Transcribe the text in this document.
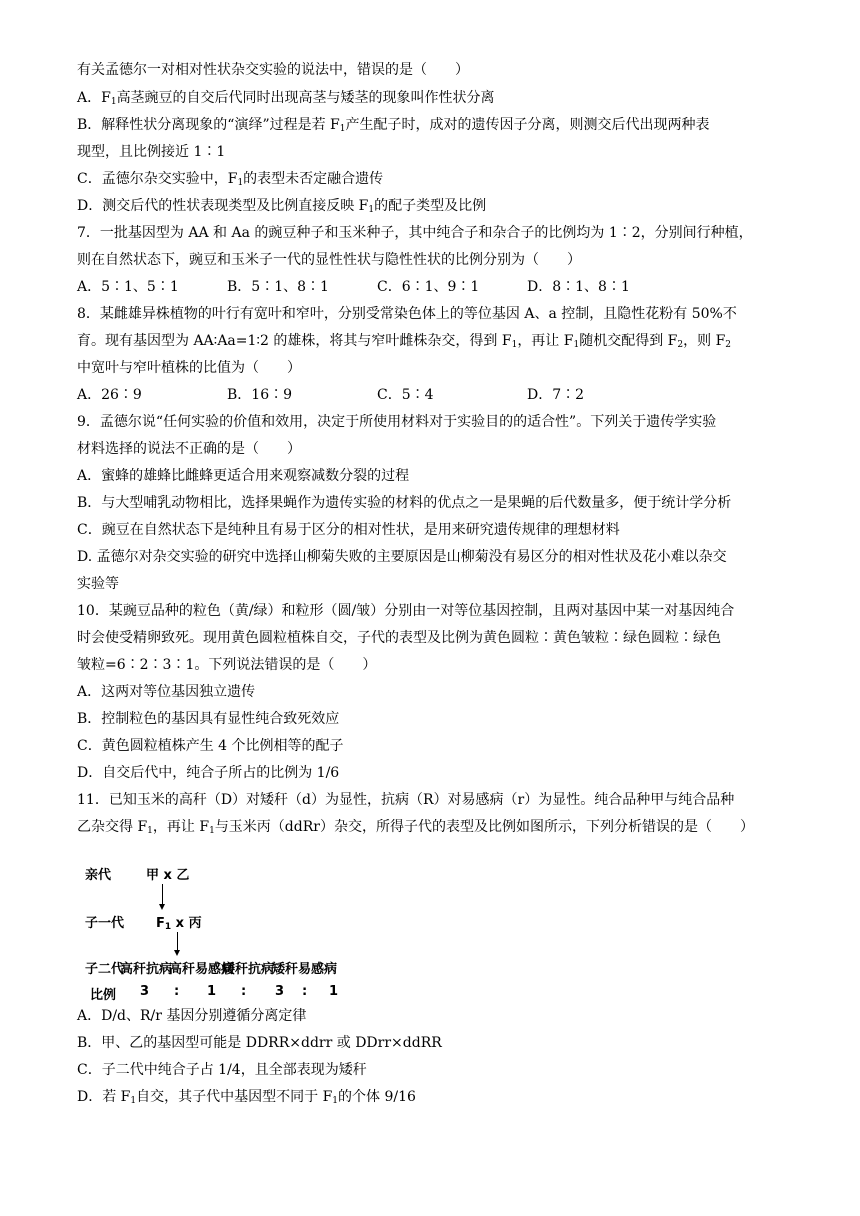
有关孟德尔一对相对性状杂交实验的说法中，错误的是（　　）
A．$F_1$高茎豌豆的自交后代同时出现高茎与矮茎的现象叫作性状分离
B．解释性状分离现象的“演绎”过程是若 $F_1$产生配子时，成对的遗传因子分离，则测交后代出现两种表
现型，且比例接近 1∶1
C．孟德尔杂交实验中，$F_1$的表型未否定融合遗传
D．测交后代的性状表现类型及比例直接反映 $F_1$的配子类型及比例
7．一批基因型为 AA 和 Aa 的豌豆种子和玉米种子，其中纯合子和杂合子的比例均为 1∶2，分别间行种植，
则在自然状态下，豌豆和玉米子一代的显性性状与隐性性状的比例分别为（　　）
A．5∶1、5∶1	B．5∶1、8∶1	C．6∶1、9∶1	D．8∶1、8∶1
8．某雌雄异株植物的叶行有宽叶和窄叶，分别受常染色体上的等位基因 A、a 控制，且隐性花粉有 50%不
育。现有基因型为 AA∶Aa=1∶2 的雄株，将其与窄叶雌株杂交，得到 $F_1$，再让 $F_1$随机交配得到 $F_2$，则 $F_2$
中宽叶与窄叶植株的比值为（　　）
A．26∶9	B．16∶9	C．5∶4	D．7∶2
9．孟德尔说“任何实验的价值和效用，决定于所使用材料对于实验目的的适合性”。下列关于遗传学实验
材料选择的说法不正确的是（　　）
A．蜜蜂的雄蜂比雌蜂更适合用来观察减数分裂的过程
B．与大型哺乳动物相比，选择果蝇作为遗传实验的材料的优点之一是果蝇的后代数量多，便于统计学分析
C．豌豆在自然状态下是纯种且有易于区分的相对性状，是用来研究遗传规律的理想材料
D. 孟德尔对杂交实验的研究中选择山柳菊失败的主要原因是山柳菊没有易区分的相对性状及花小难以杂交
实验等
10．某豌豆品种的粒色（黄/绿）和粒形（圆/皱）分别由一对等位基因控制，且两对基因中某一对基因纯合
时会使受精卵致死。现用黄色圆粒植株自交，子代的表型及比例为黄色圆粒∶黄色皱粒∶绿色圆粒∶绿色
皱粒=6∶2∶3∶1。下列说法错误的是（　　）
A．这两对等位基因独立遗传
B．控制粒色的基因具有显性纯合致死效应
C．黄色圆粒植株产生 4 个比例相等的配子
D．自交后代中，纯合子所占的比例为 1/6
11．已知玉米的高秆（D）对矮秆（d）为显性，抗病（R）对易感病（r）为显性。纯合品种甲与纯合品种
乙杂交得 $F_1$，再让 $F_1$与玉米丙（ddRr）杂交，所得子代的表型及比例如图所示，下列分析错误的是（　　）
A．D/d、R/r 基因分别遵循分离定律
B．甲、乙的基因型可能是 DDRR×ddrr 或 DDrr×ddRR
C．子二代中纯合子占 1/4，且全部表现为矮秆
D．若 $F_1$自交，其子代中基因型不同于 $F_1$的个体 9/16
亲代	甲 x 乙
子一代 $F_1$ x 丙
子二代
高秆抗病
高秆易感病
矮秆抗病
矮秆易感病
比例 3 : 1 : 3 : 1
